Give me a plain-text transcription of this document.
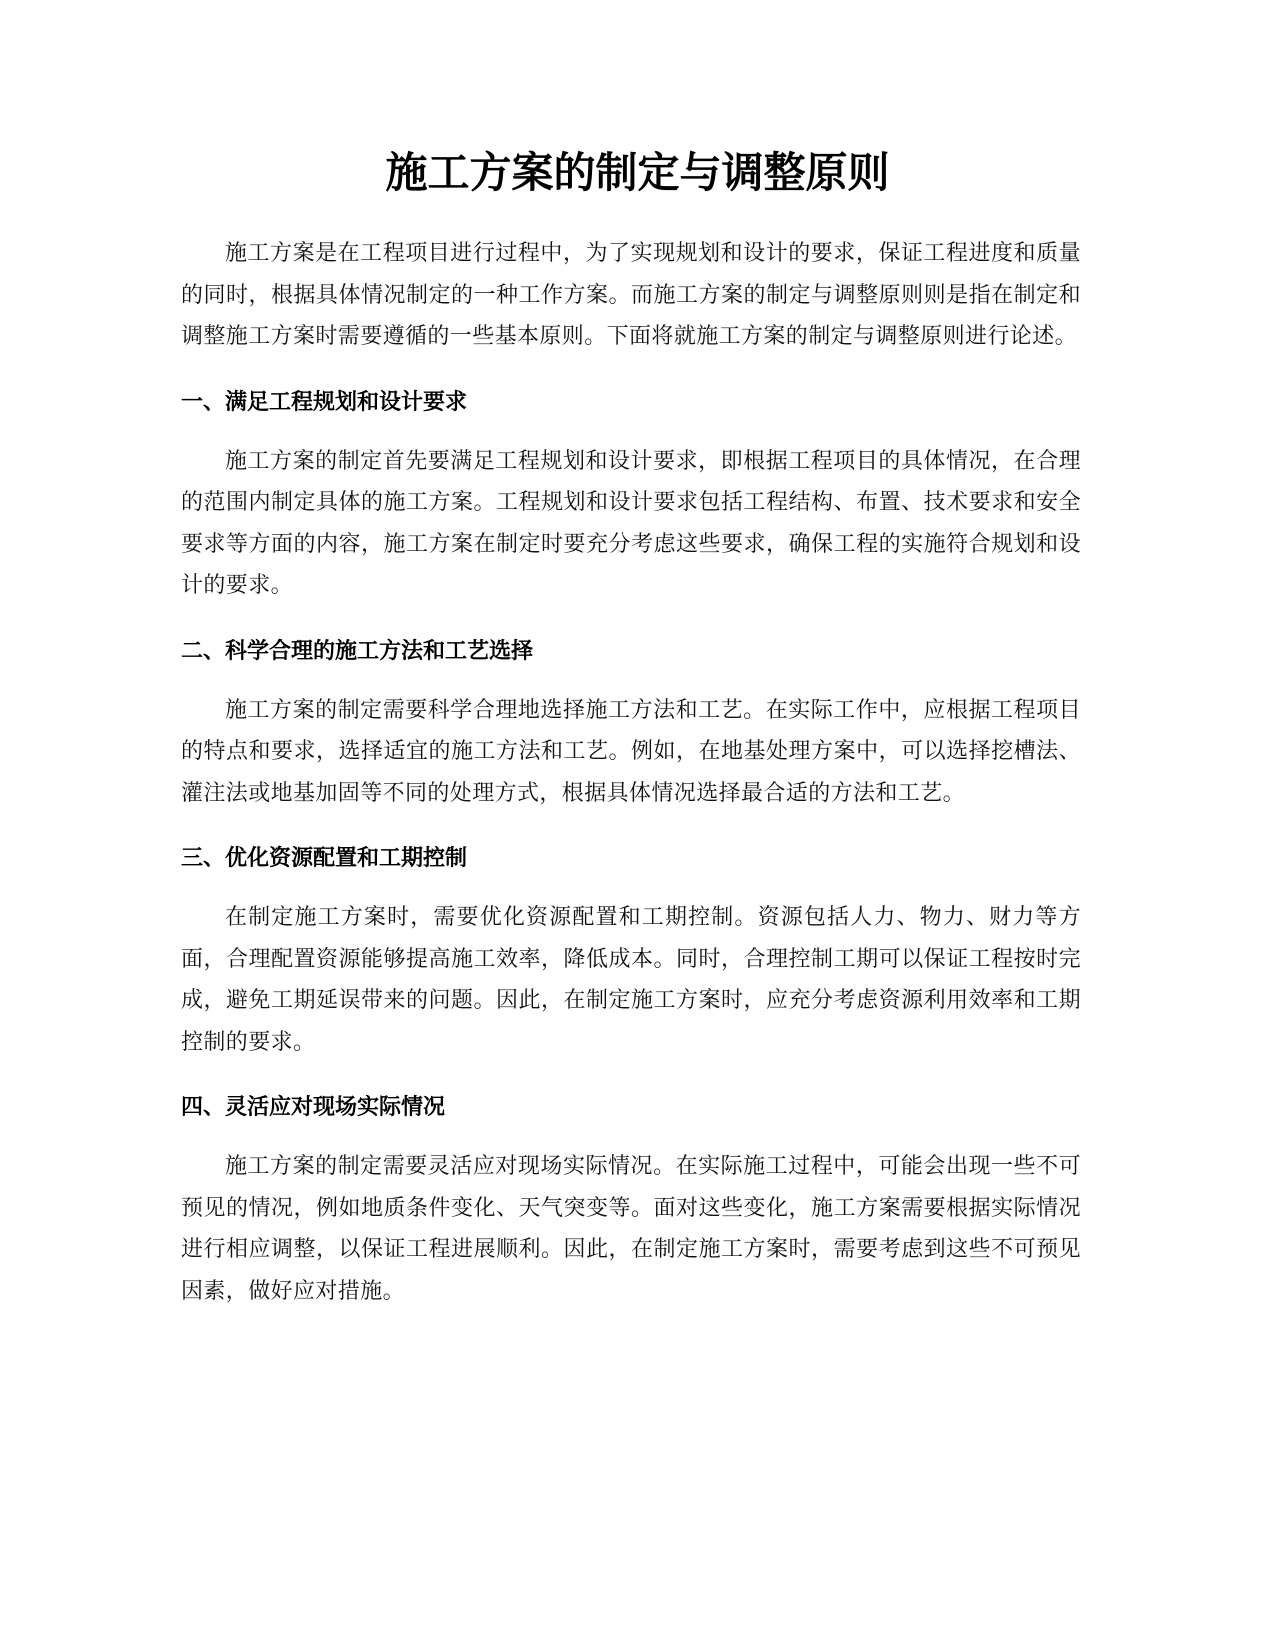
施工方案的制定与调整原则

施工方案是在工程项目进行过程中，为了实现规划和设计的要求，保证工程进度和质量的同时，根据具体情况制定的一种工作方案。而施工方案的制定与调整原则则是指在制定和调整施工方案时需要遵循的一些基本原则。下面将就施工方案的制定与调整原则进行论述。

一、满足工程规划和设计要求

施工方案的制定首先要满足工程规划和设计要求，即根据工程项目的具体情况，在合理的范围内制定具体的施工方案。工程规划和设计要求包括工程结构、布置、技术要求和安全要求等方面的内容，施工方案在制定时要充分考虑这些要求，确保工程的实施符合规划和设计的要求。

二、科学合理的施工方法和工艺选择

施工方案的制定需要科学合理地选择施工方法和工艺。在实际工作中，应根据工程项目的特点和要求，选择适宜的施工方法和工艺。例如，在地基处理方案中，可以选择挖槽法、灌注法或地基加固等不同的处理方式，根据具体情况选择最合适的方法和工艺。

三、优化资源配置和工期控制

在制定施工方案时，需要优化资源配置和工期控制。资源包括人力、物力、财力等方面，合理配置资源能够提高施工效率，降低成本。同时，合理控制工期可以保证工程按时完成，避免工期延误带来的问题。因此，在制定施工方案时，应充分考虑资源利用效率和工期控制的要求。

四、灵活应对现场实际情况

施工方案的制定需要灵活应对现场实际情况。在实际施工过程中，可能会出现一些不可预见的情况，例如地质条件变化、天气突变等。面对这些变化，施工方案需要根据实际情况进行相应调整，以保证工程进展顺利。因此，在制定施工方案时，需要考虑到这些不可预见因素，做好应对措施。
